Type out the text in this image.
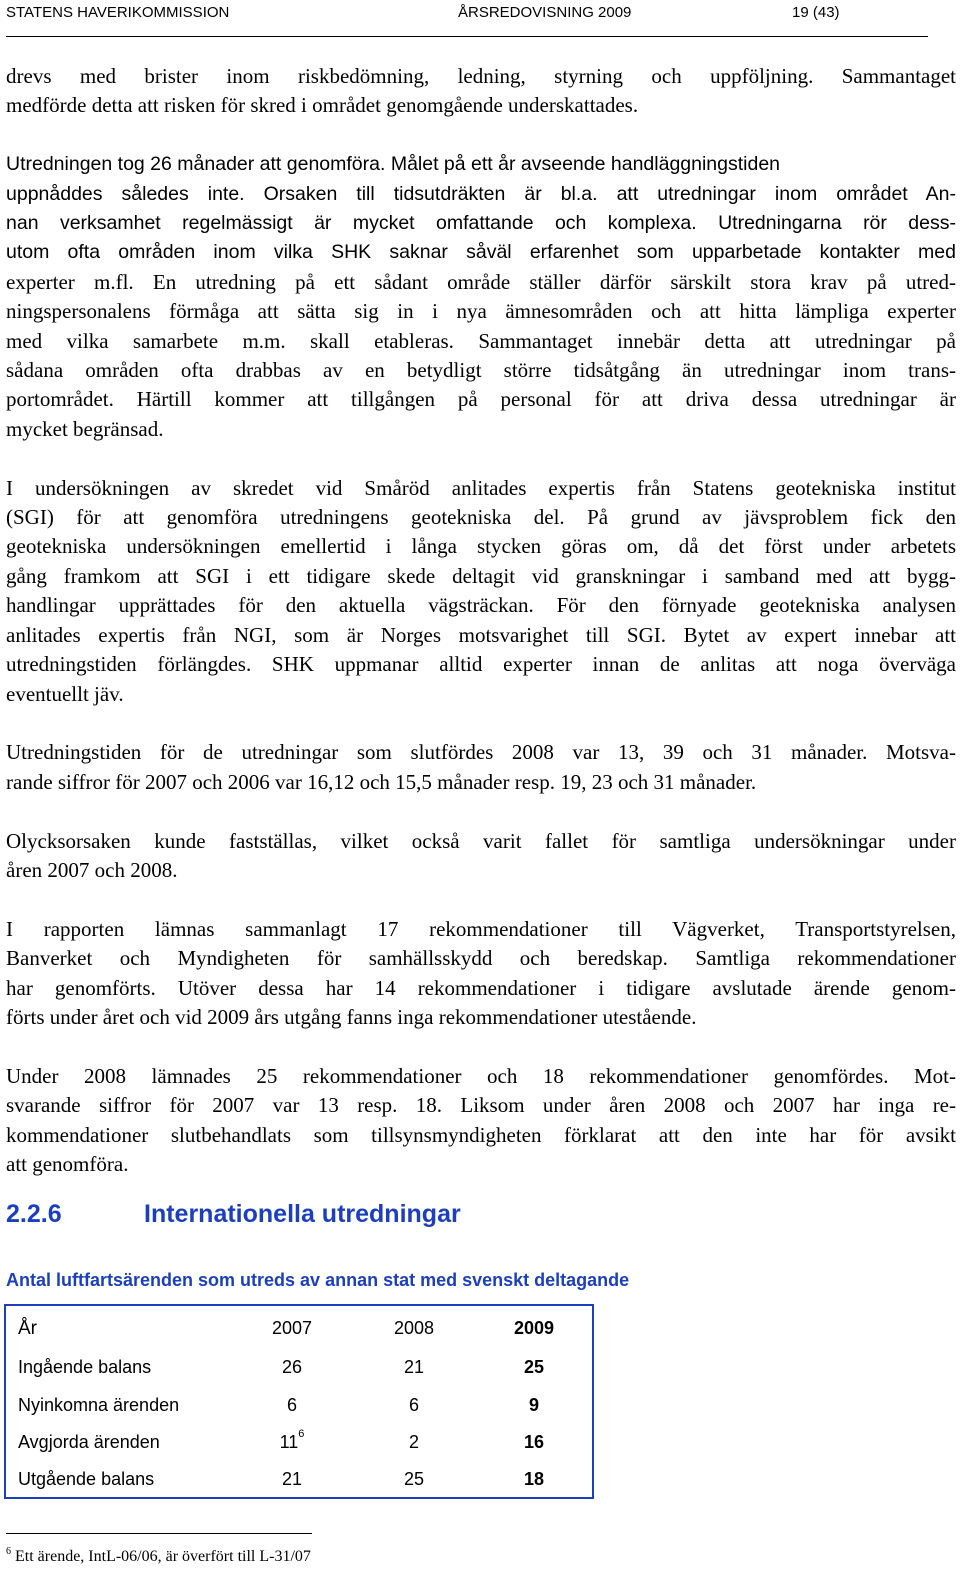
STATENS HAVERIKOMMISSION	ÅRSREDOVISNING 2009	19 (43)

drevs med brister inom riskbedömning, ledning, styrning och uppföljning. Sammantaget
medförde detta att risken för skred i området genomgående underskattades.

Utredningen tog 26 månader att genomföra. Målet på ett år avseende handläggningstiden
uppnåddes således inte. Orsaken till tidsutdräkten är bl.a. att utredningar inom området An-
nan verksamhet regelmässigt är mycket omfattande och komplexa. Utredningarna rör dess-
utom ofta områden inom vilka SHK saknar såväl erfarenhet som upparbetade kontakter med
experter m.fl. En utredning på ett sådant område ställer därför särskilt stora krav på utred-
ningspersonalens förmåga att sätta sig in i nya ämnesområden och att hitta lämpliga experter
med vilka samarbete m.m. skall etableras. Sammantaget innebär detta att utredningar på
sådana områden ofta drabbas av en betydligt större tidsåtgång än utredningar inom trans-
portområdet. Härtill kommer att tillgången på personal för att driva dessa utredningar är
mycket begränsad.

I undersökningen av skredet vid Småröd anlitades expertis från Statens geotekniska institut
(SGI) för att genomföra utredningens geotekniska del. På grund av jävsproblem fick den
geotekniska undersökningen emellertid i långa stycken göras om, då det först under arbetets
gång framkom att SGI i ett tidigare skede deltagit vid granskningar i samband med att bygg-
handlingar upprättades för den aktuella vägsträckan. För den förnyade geotekniska analysen
anlitades expertis från NGI, som är Norges motsvarighet till SGI. Bytet av expert innebar att
utredningstiden förlängdes. SHK uppmanar alltid experter innan de anlitas att noga överväga
eventuellt jäv.

Utredningstiden för de utredningar som slutfördes 2008 var 13, 39 och 31 månader. Motsva-
rande siffror för 2007 och 2006 var 16,12 och 15,5 månader resp. 19, 23 och 31 månader.

Olycksorsaken kunde fastställas, vilket också varit fallet för samtliga undersökningar under
åren 2007 och 2008.

I rapporten lämnas sammanlagt 17 rekommendationer till Vägverket, Transportstyrelsen,
Banverket och Myndigheten för samhällsskydd och beredskap. Samtliga rekommendationer
har genomförts. Utöver dessa har 14 rekommendationer i tidigare avslutade ärende genom-
förts under året och vid 2009 års utgång fanns inga rekommendationer utestående.

Under 2008 lämnades 25 rekommendationer och 18 rekommendationer genomfördes. Mot-
svarande siffror för 2007 var 13 resp. 18. Liksom under åren 2008 och 2007 har inga re-
kommendationer slutbehandlats som tillsynsmyndigheten förklarat att den inte har för avsikt
att genomföra.

2.2.6	Internationella utredningar
Antal luftfartsärenden som utreds av annan stat med svenskt deltagande
År	2007	2008	2009
Ingående balans	26	21	25
Nyinkomna ärenden	6	6	9
Avgjorda ärenden	$11^6$	2	16
Utgående balans	21	25	18
$^6$ Ett ärende, IntL-06/06, är överfört till L-31/07
